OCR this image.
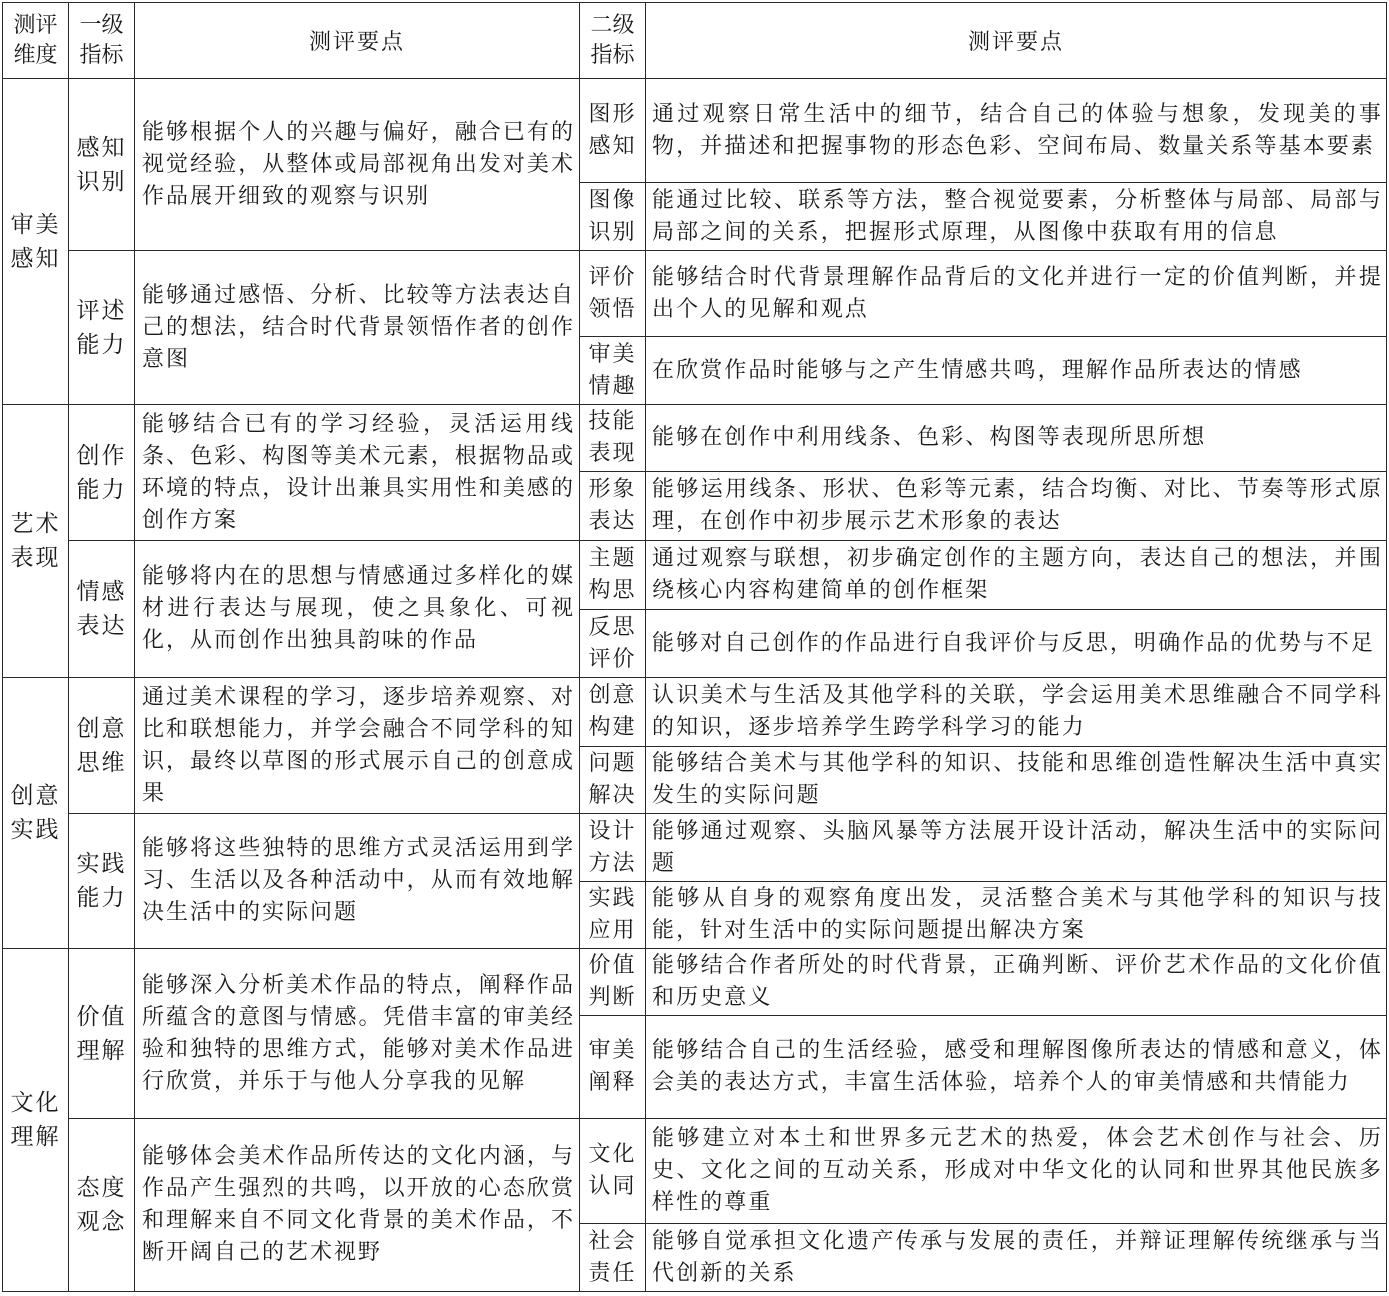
测评维度	一级指标	测评要点	二级指标	测评要点
审美感知	感知识别	能够根据个人的兴趣与偏好，融合已有的视觉经验，从整体或局部视角出发对美术作品展开细致的观察与识别	图形感知	通过观察日常生活中的细节，结合自己的体验与想象，发现美的事物，并描述和把握事物的形态色彩、空间布局、数量关系等基本要素
			图像识别	能通过比较、联系等方法，整合视觉要素，分析整体与局部、局部与局部之间的关系，把握形式原理，从图像中获取有用的信息
	评述能力	能够通过感悟、分析、比较等方法表达自己的想法，结合时代背景领悟作者的创作意图	评价领悟	能够结合时代背景理解作品背后的文化并进行一定的价值判断，并提出个人的见解和观点
			审美情趣	在欣赏作品时能够与之产生情感共鸣，理解作品所表达的情感
艺术表现	创作能力	能够结合已有的学习经验，灵活运用线条、色彩、构图等美术元素，根据物品或环境的特点，设计出兼具实用性和美感的创作方案	技能表现	能够在创作中利用线条、色彩、构图等表现所思所想
			形象表达	能够运用线条、形状、色彩等元素，结合均衡、对比、节奏等形式原理，在创作中初步展示艺术形象的表达
	情感表达	能够将内在的思想与情感通过多样化的媒材进行表达与展现，使之具象化、可视化，从而创作出独具韵味的作品	主题构思	通过观察与联想，初步确定创作的主题方向，表达自己的想法，并围绕核心内容构建简单的创作框架
			反思评价	能够对自己创作的作品进行自我评价与反思，明确作品的优势与不足
创意实践	创意思维	通过美术课程的学习，逐步培养观察、对比和联想能力，并学会融合不同学科的知识，最终以草图的形式展示自己的创意成果	创意构建	认识美术与生活及其他学科的关联，学会运用美术思维融合不同学科的知识，逐步培养学生跨学科学习的能力
			问题解决	能够结合美术与其他学科的知识、技能和思维创造性解决生活中真实发生的实际问题
	实践能力	能够将这些独特的思维方式灵活运用到学习、生活以及各种活动中，从而有效地解决生活中的实际问题	设计方法	能够通过观察、头脑风暴等方法展开设计活动，解决生活中的实际问题
			实践应用	能够从自身的观察角度出发，灵活整合美术与其他学科的知识与技能，针对生活中的实际问题提出解决方案
文化理解	价值理解	能够深入分析美术作品的特点，阐释作品所蕴含的意图与情感。凭借丰富的审美经验和独特的思维方式，能够对美术作品进行欣赏，并乐于与他人分享我的见解	价值判断	能够结合作者所处的时代背景，正确判断、评价艺术作品的文化价值和历史意义
			审美阐释	能够结合自己的生活经验，感受和理解图像所表达的情感和意义，体会美的表达方式，丰富生活体验，培养个人的审美情感和共情能力
	态度观念	能够体会美术作品所传达的文化内涵，与作品产生强烈的共鸣，以开放的心态欣赏和理解来自不同文化背景的美术作品，不断开阔自己的艺术视野	文化认同	能够建立对本土和世界多元艺术的热爱，体会艺术创作与社会、历史、文化之间的互动关系，形成对中华文化的认同和世界其他民族多样性的尊重
			社会责任	能够自觉承担文化遗产传承与发展的责任，并辩证理解传统继承与当代创新的关系
